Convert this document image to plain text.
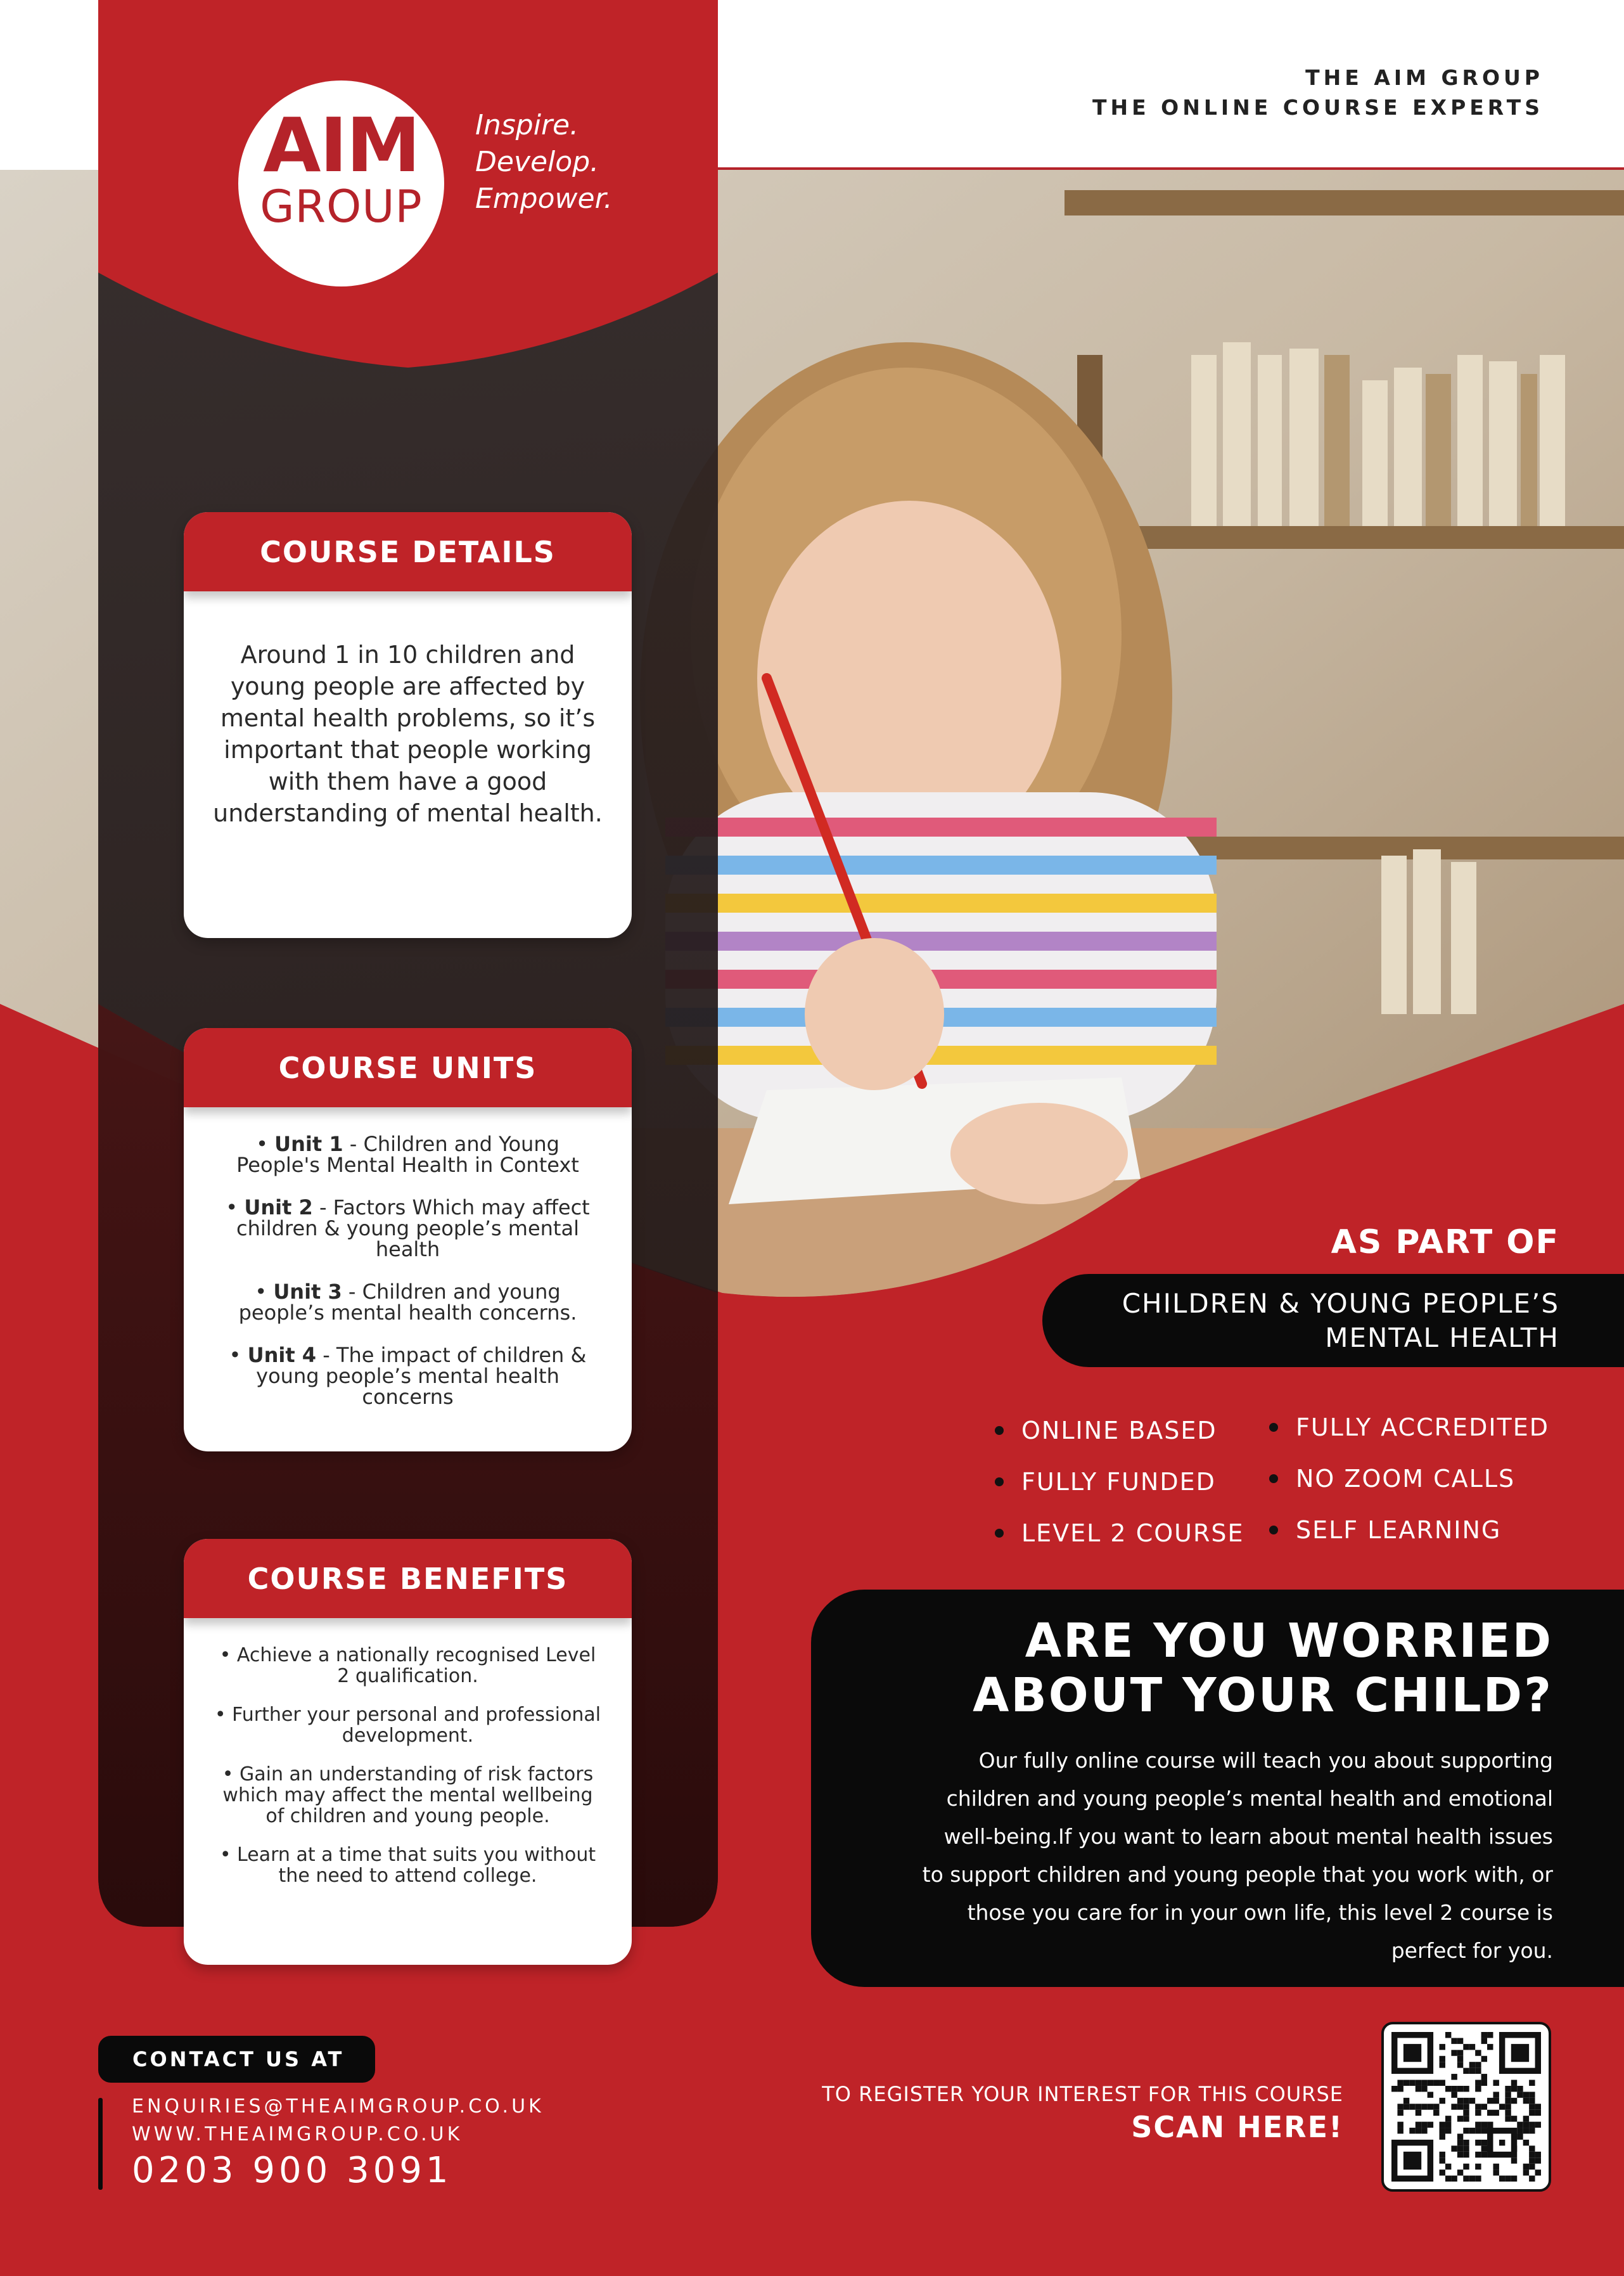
THE AIM GROUP
THE ONLINE COURSE EXPERTS
AIM
GROUP
Inspire.
Develop.
Empower.
COURSE DETAILS
Around 1 in 10 children and young people are affected by mental health problems, so it’s important that people working with them have a good understanding of mental health.
COURSE UNITS
• Unit 1 - Children and Young People's Mental Health in Context
• Unit 2 - Factors Which may affect children & young people’s mental health
• Unit 3 - Children and young people’s mental health concerns.
• Unit 4 - The impact of children & young people’s mental health concerns
COURSE BENEFITS
• Achieve a nationally recognised Level 2 qualification.
• Further your personal and professional development.
• Gain an understanding of risk factors which may affect the mental wellbeing of children and young people.
• Learn at a time that suits you without the need to attend college.
AS PART OF
CHILDREN & YOUNG PEOPLE’S
MENTAL HEALTH
ONLINE BASED
FULLY FUNDED
LEVEL 2 COURSE
FULLY ACCREDITED
NO ZOOM CALLS
SELF LEARNING
ARE YOU WORRIED
ABOUT YOUR CHILD?
Our fully online course will teach you about supporting children and young people’s mental health and emotional well-being.If you want to learn about mental health issues to support children and young people that you work with, or those you care for in your own life, this level 2 course is perfect for you.
CONTACT US AT
ENQUIRIES@THEAIMGROUP.CO.UK
WWW.THEAIMGROUP.CO.UK
0203 900 3091
TO REGISTER YOUR INTEREST FOR THIS COURSE
SCAN HERE!
